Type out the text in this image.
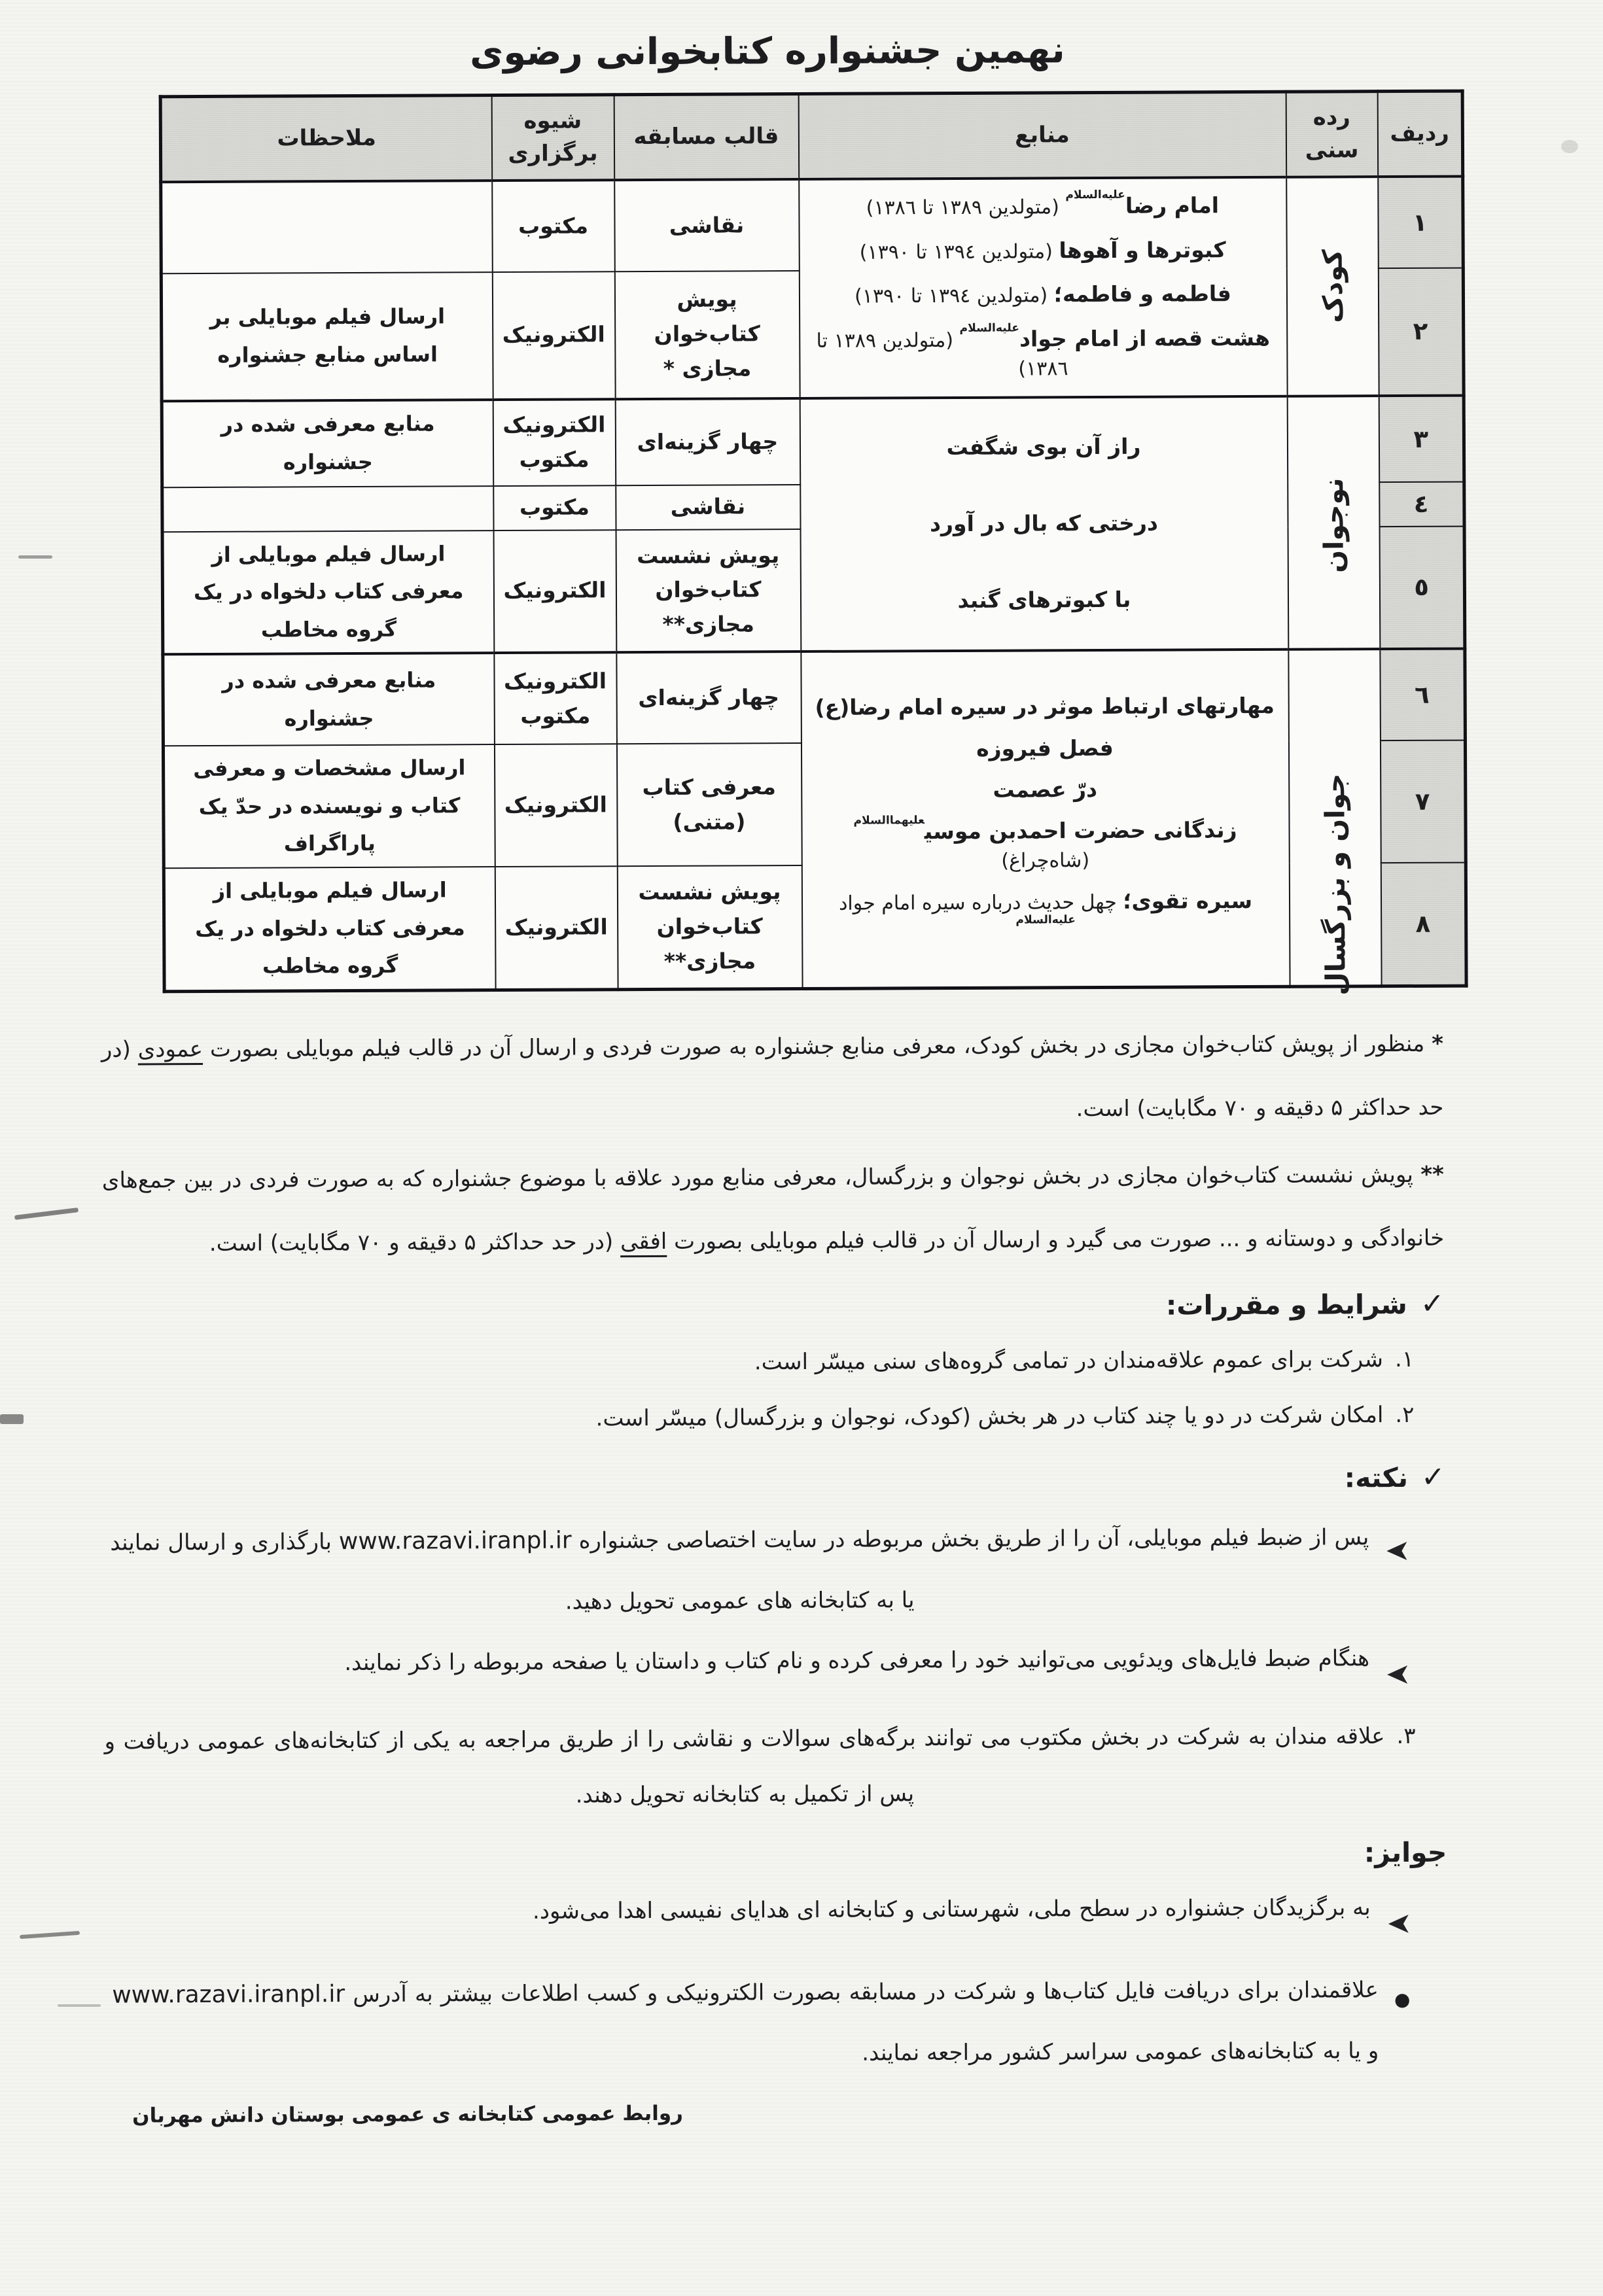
نهمین جشنواره کتابخوانی رضوی
ردیف	رده سنی	منابع	قالب مسابقه	شیوه برگزاری	ملاحظات
۱	کودک	امام رضا$^{علیه‌السلام}$ (متولدین ۱۳۸۹ تا ۱۳۸٦)
کبوترها و آهوها (متولدین ۱۳۹٤ تا ۱۳۹۰)
فاطمه و فاطمه؛ (متولدین ۱۳۹٤ تا ۱۳۹۰)
هشت قصه از امام جواد$^{علیه‌السلام}$ (متولدین ۱۳۸۹ تا ۱۳۸٦)	نقاشی	مکتوب	
۲			پویش کتاب‌خوان مجازی *	الکترونیک	ارسال فیلم موبایلی بر اساس منابع جشنواره
۳	نوجوان	راز آن بوی شگفت
درختی که بال در آورد
با کبوترهای گنبد	چهار گزینه‌ای	الکترونیک مکتوب	منابع معرفی شده در جشنواره
٤			نقاشی	مکتوب	
٥			پویش نشست کتاب‌خوان مجازی**	الکترونیک	ارسال فیلم موبایلی از معرفی کتاب دلخواه در یک گروه مخاطب
٦	جوان و بزرگسال	مهارتهای ارتباط موثر در سیره امام رضا(ع)
فصل فیروزه
درّ عصمت
زندگانی حضرت احمدبن موسی$^{علیهماالسلام}$ (شاه‌چراغ)
سیره تقوی؛ چهل حدیث درباره سیره امام جواد $^{علیه‌السلام}$	چهار گزینه‌ای	الکترونیک مکتوب	منابع معرفی شده در جشنواره
٧			معرفی کتاب (متنی)	الکترونیک	ارسال مشخصات و معرفی کتاب و نویسنده در حدّ یک پاراگراف
٨			پویش نشست کتاب‌خوان مجازی**	الکترونیک	ارسال فیلم موبایلی از معرفی کتاب دلخواه در یک گروه مخاطب

* منظور از پویش کتاب‌خوان مجازی در بخش کودک، معرفی منابع جشنواره به صورت فردی و ارسال آن در قالب فیلم موبایلی بصورت عمودی (در حد حداکثر ۵ دقیقه و ۷۰ مگابایت) است.

** پویش نشست کتاب‌خوان مجازی در بخش نوجوان و بزرگسال، معرفی منابع مورد علاقه با موضوع جشنواره که به صورت فردی در بین جمع‌های خانوادگی و دوستانه و ... صورت می گیرد و ارسال آن در قالب فیلم موبایلی بصورت افقی (در حد حداکثر ۵ دقیقه و ۷۰ مگابایت) است.

✓شرایط و مقررات:
۱.
شرکت برای عموم علاقه‌مندان در تمامی گروه‌های سنی میسّر است.
۲.
امکان شرکت در دو یا چند کتاب در هر بخش (کودک، نوجوان و بزرگسال) میسّر است.
✓نکته:
پس از ضبط فیلم موبایلی، آن را از طریق بخش مربوطه در سایت اختصاصی جشنواره www.razavi.iranpl.ir بارگذاری و ارسال نمایند یا به کتابخانه های عمومی تحویل دهید.
هنگام ضبط فایل‌های ویدئویی می‌توانید خود را معرفی کرده و نام کتاب و داستان یا صفحه مربوطه را ذکر نمایند.
۳.
علاقه مندان به شرکت در بخش مکتوب می توانند برگه‌های سوالات و نقاشی را از طریق مراجعه به یکی از کتابخانه‌های عمومی دریافت و پس از تکمیل به کتابخانه تحویل دهند.
جوایز:
به برگزیدگان جشنواره در سطح ملی، شهرستانی و کتابخانه ای هدایای نفیسی اهدا می‌شود.
●
علاقمندان برای دریافت فایل کتاب‌ها و شرکت در مسابقه بصورت الکترونیکی و کسب اطلاعات بیشتر به آدرس www.razavi.iranpl.ir و یا به کتابخانه‌های عمومی سراسر کشور مراجعه نمایند.
روابط عمومی کتابخانه ی عمومی بوستان دانش مهربان
